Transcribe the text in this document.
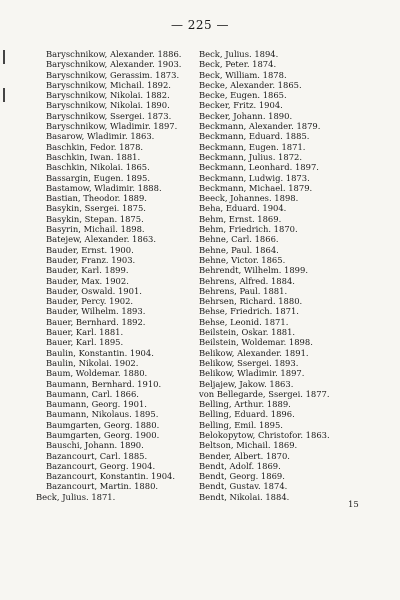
— 225 —
Baryschnikow, Alexander. 1886.
Baryschnikow, Alexander. 1903.
Baryschnikow, Gerassim. 1873.
Baryschnikow, Michail. 1892.
Baryschnikow, Nikolai. 1882.
Baryschnikow, Nikolai. 1890.
Baryschnikow, Ssergei. 1873.
Baryschnikow, Wladimir. 1897.
Basarow, Wladimir. 1863.
Baschkin, Fedor. 1878.
Baschkin, Iwan. 1881.
Baschkin, Nikolai. 1865.
Bassargin, Eugen. 1895.
Bastamow, Wladimir. 1888.
Bastian, Theodor. 1889.
Basykin, Ssergei. 1875.
Basykin, Stepan. 1875.
Basyrin, Michail. 1898.
Batejew, Alexander. 1863.
Bauder, Ernst. 1900.
Bauder, Franz. 1903.
Bauder, Karl. 1899.
Bauder, Max. 1902.
Bauder, Oswald. 1901.
Bauder, Percy. 1902.
Bauder, Wilhelm. 1893.
Bauer, Bernhard. 1892.
Bauer, Karl. 1881.
Bauer, Karl. 1895.
Baulin, Konstantin. 1904.
Baulin, Nikolai. 1902.
Baum, Woldemar. 1880.
Baumann, Bernhard. 1910.
Baumann, Carl. 1866.
Baumann, Georg. 1901.
Baumann, Nikolaus. 1895.
Baumgarten, Georg. 1880.
Baumgarten, Georg. 1900.
Bauschi, Johann. 1890.
Bazancourt, Carl. 1885.
Bazancourt, Georg. 1904.
Bazancourt, Konstantin. 1904.
Bazancourt, Martin. 1880.
Beck, Julius. 1871.
Beck, Julius. 1894.
Beck, Peter. 1874.
Beck, William. 1878.
Becke, Alexander. 1865.
Becke, Eugen. 1865.
Becker, Fritz. 1904.
Becker, Johann. 1890.
Beckmann, Alexander. 1879.
Beckmann, Eduard. 1885.
Beckmann, Eugen. 1871.
Beckmann, Julius. 1872.
Beckmann, Leonhard. 1897.
Beckmann, Ludwig. 1873.
Beckmann, Michael. 1879.
Beeck, Johannes. 1898.
Beha, Eduard. 1904.
Behm, Ernst. 1869.
Behm, Friedrich. 1870.
Behne, Carl. 1866.
Behne, Paul. 1864.
Behne, Victor. 1865.
Behrendt, Wilhelm. 1899.
Behrens, Alfred. 1884.
Behrens, Paul. 1881.
Behrsen, Richard. 1880.
Behse, Friedrich. 1871.
Behse, Leonid. 1871.
Beilstein, Oskar. 1881.
Beilstein, Woldemar. 1898.
Belikow, Alexander. 1891.
Belikow, Ssergei. 1893.
Belikow, Wladimir. 1897.
Beljajew, Jakow. 1863.
von Bellegarde, Ssergei. 1877.
Belling, Arthur. 1889.
Belling, Eduard. 1896.
Belling, Emil. 1895.
Belokopytow, Christofor. 1863.
Beltson, Michail. 1869.
Bender, Albert. 1870.
Bendt, Adolf. 1869.
Bendt, Georg. 1869.
Bendt, Gustav. 1874.
Bendt, Nikolai. 1884.
15
